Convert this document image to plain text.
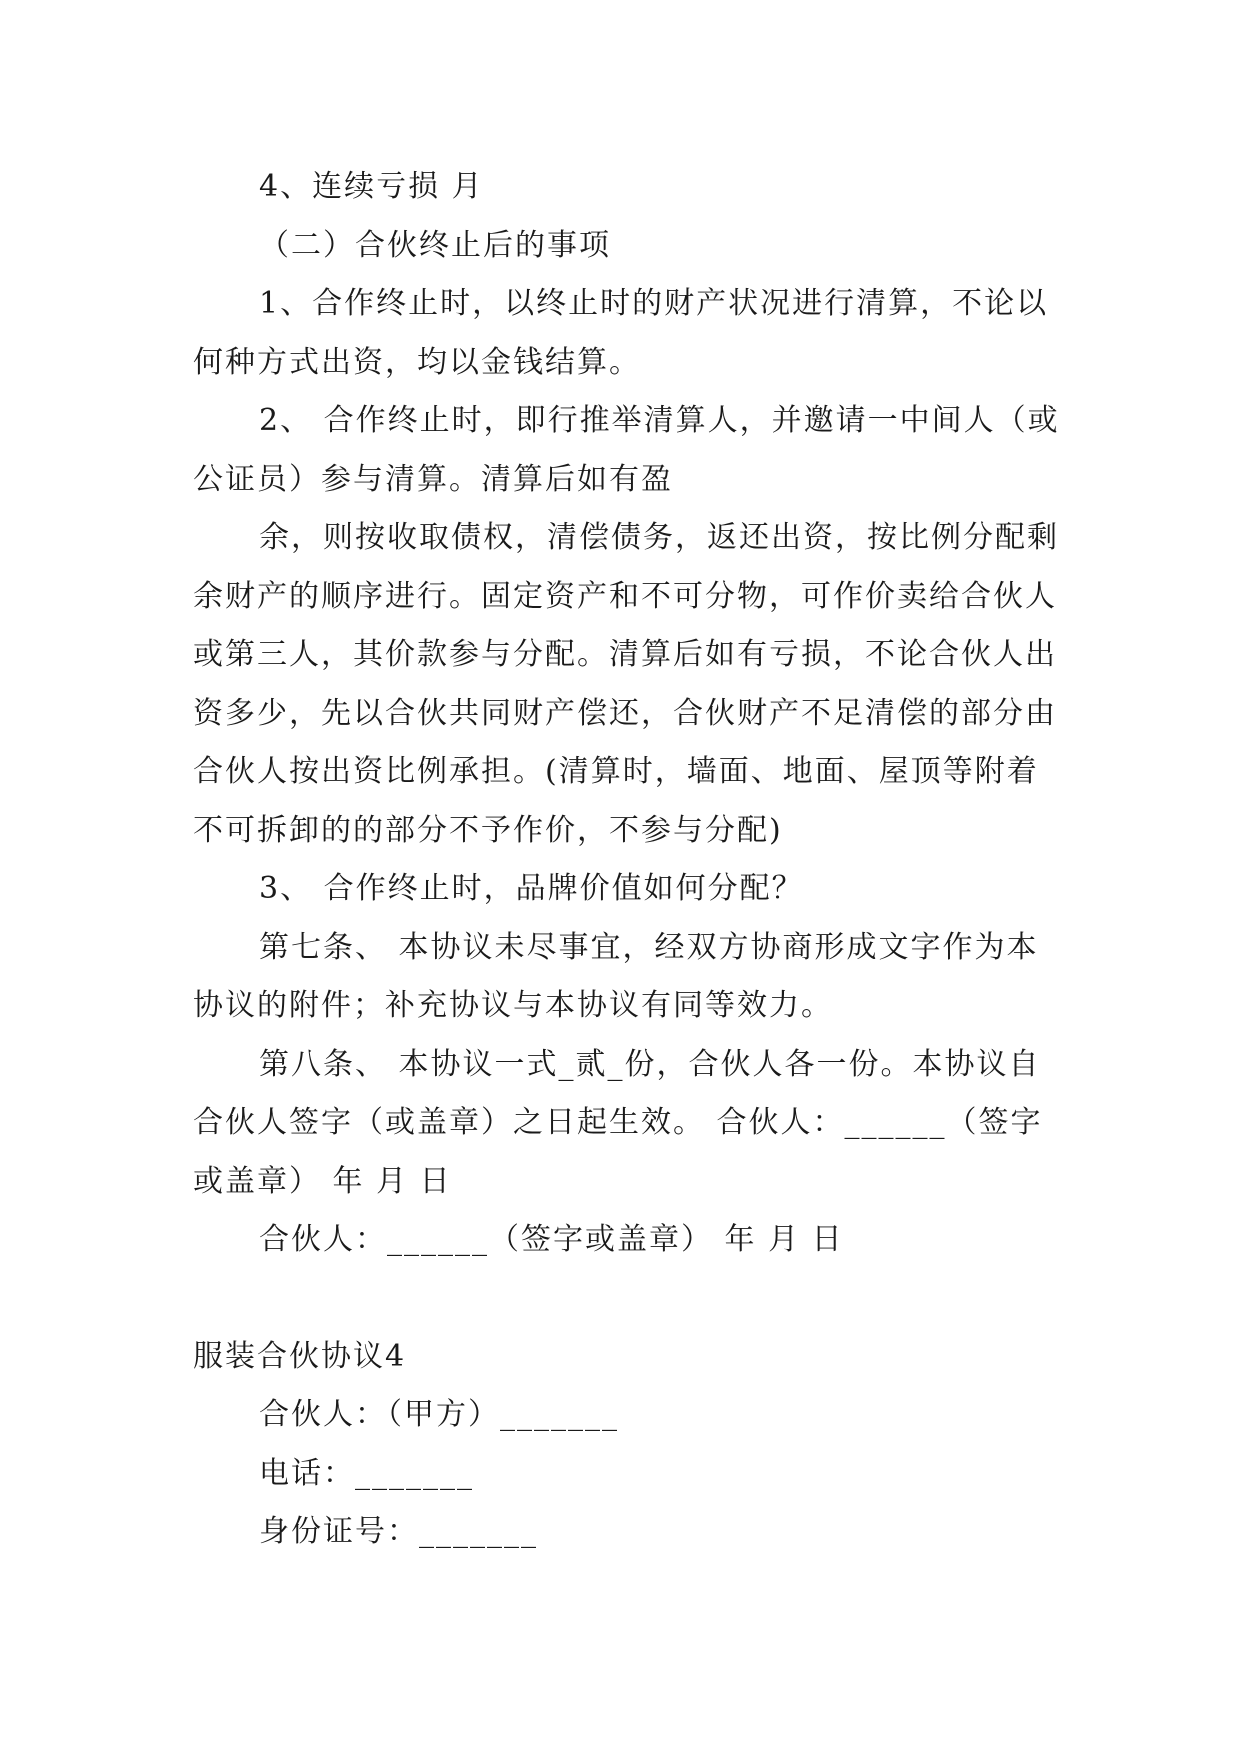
4、连续亏损 月

（二）合伙终止后的事项

1、合作终止时，以终止时的财产状况进行清算，不论以何种方式出资，均以金钱结算。

2、 合作终止时，即行推举清算人，并邀请一中间人（或公证员）参与清算。清算后如有盈

余，则按收取债权，清偿债务，返还出资，按比例分配剩余财产的顺序进行。固定资产和不可分物，可作价卖给合伙人或第三人，其价款参与分配。清算后如有亏损，不论合伙人出资多少，先以合伙共同财产偿还，合伙财产不足清偿的部分由合伙人按出资比例承担。(清算时，墙面、地面、屋顶等附着不可拆卸的的部分不予作价，不参与分配)

3、 合作终止时，品牌价值如何分配？

第七条、 本协议未尽事宜，经双方协商形成文字作为本协议的附件；补充协议与本协议有同等效力。

第八条、 本协议一式_贰_份，合伙人各一份。本协议自合伙人签字（或盖章）之日起生效。 合伙人：______（签字或盖章） 年 月 日

合伙人：______（签字或盖章） 年 月 日

服装合伙协议4

合伙人：（甲方）_______

电话：_______

身份证号：_______
